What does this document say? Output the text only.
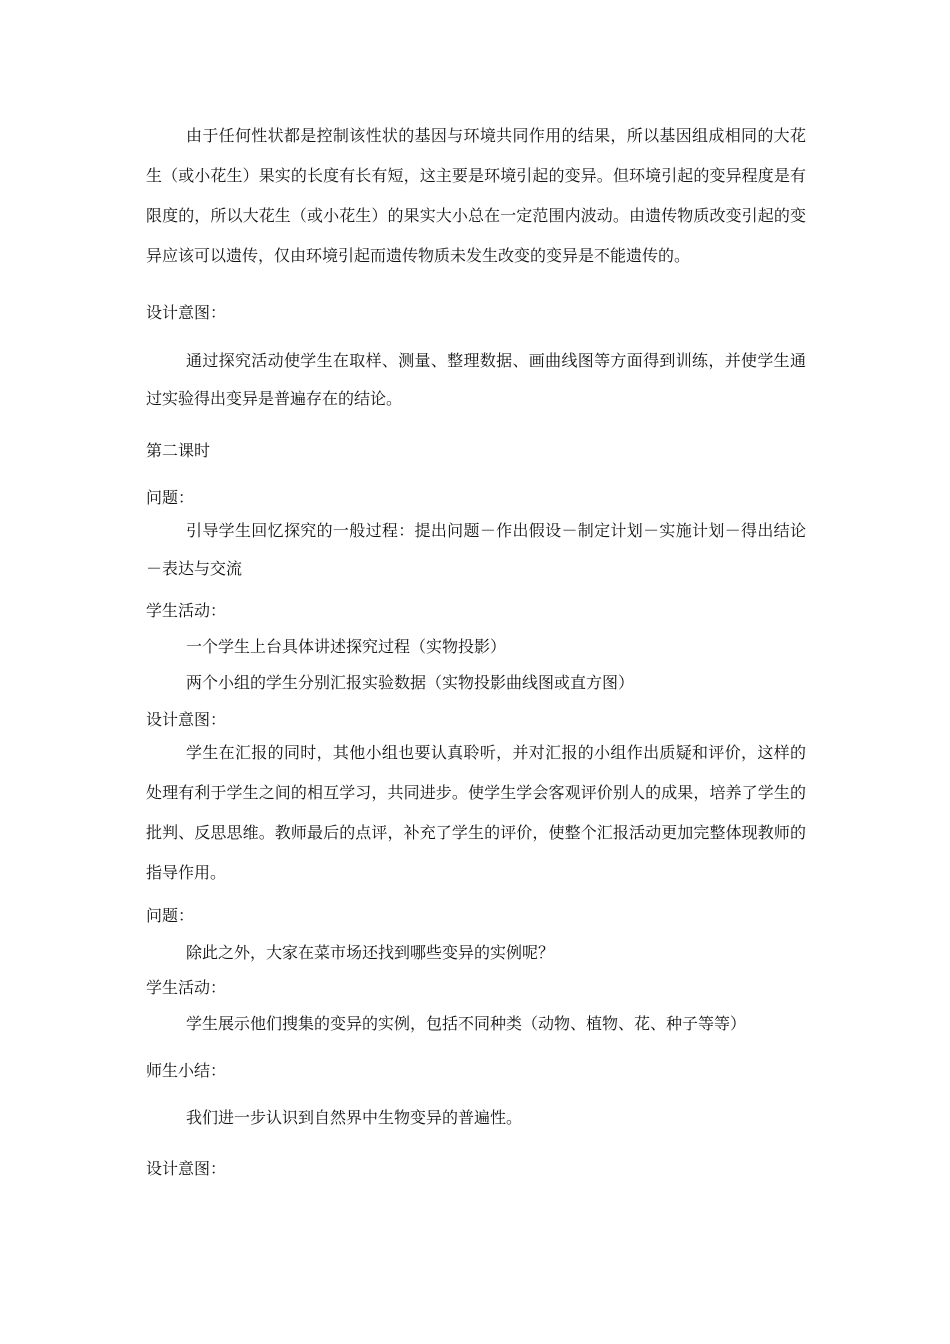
由于任何性状都是控制该性状的基因与环境共同作用的结果，所以基因组成相同的大花生（或小花生）果实的长度有长有短，这主要是环境引起的变异。但环境引起的变异程度是有限度的，所以大花生（或小花生）的果实大小总在一定范围内波动。由遗传物质改变引起的变异应该可以遗传，仅由环境引起而遗传物质未发生改变的变异是不能遗传的。

设计意图：

通过探究活动使学生在取样、测量、整理数据、画曲线图等方面得到训练，并使学生通过实验得出变异是普遍存在的结论。

第二课时

问题：

引导学生回忆探究的一般过程：提出问题－作出假设－制定计划－实施计划－得出结论－表达与交流

学生活动：

一个学生上台具体讲述探究过程（实物投影）

两个小组的学生分别汇报实验数据（实物投影曲线图或直方图）

设计意图：

学生在汇报的同时，其他小组也要认真聆听，并对汇报的小组作出质疑和评价，这样的处理有利于学生之间的相互学习，共同进步。使学生学会客观评价别人的成果，培养了学生的批判、反思思维。教师最后的点评，补充了学生的评价，使整个汇报活动更加完整体现教师的指导作用。

问题：

除此之外，大家在菜市场还找到哪些变异的实例呢？

学生活动：

学生展示他们搜集的变异的实例，包括不同种类（动物、植物、花、种子等等）

师生小结：

我们进一步认识到自然界中生物变异的普遍性。

设计意图：
